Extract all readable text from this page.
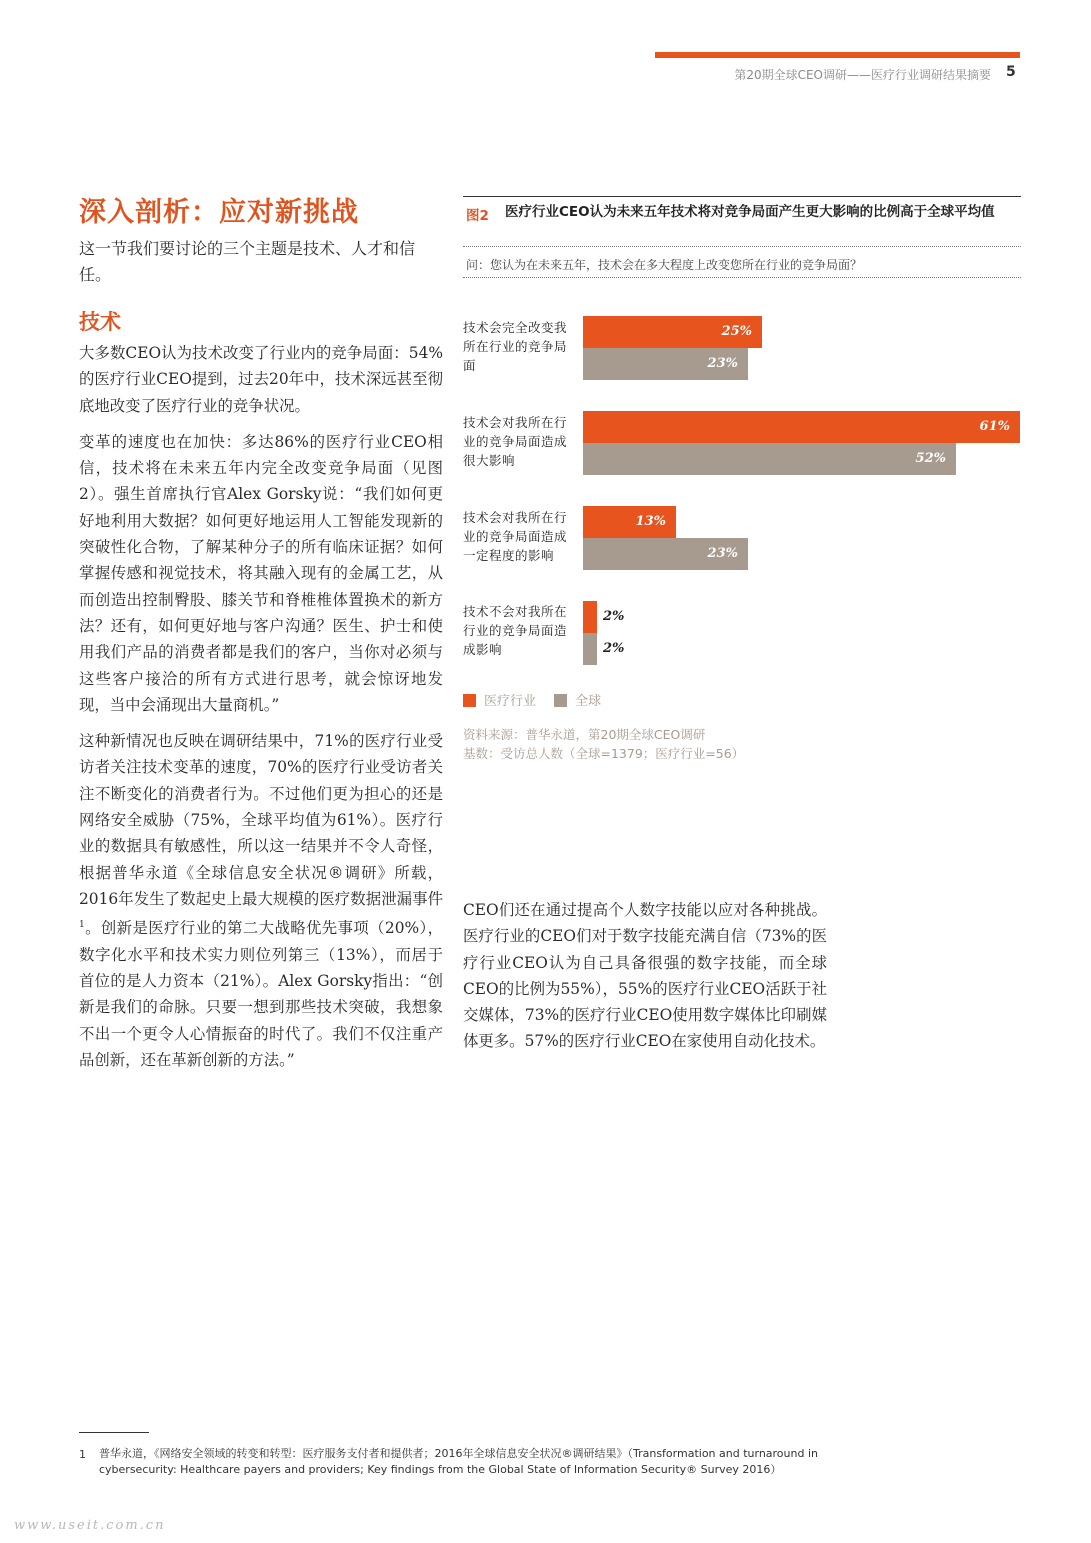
第20期全球CEO调研——医疗行业调研结果摘要 5
深入剖析：应对新挑战
这一节我们要讨论的三个主题是技术、人才和信任。
技术

大多数CEO认为技术改变了行业内的竞争局面：54%的医疗行业CEO提到，过去20年中，技术深远甚至彻底地改变了医疗行业的竞争状况。

变革的速度也在加快：多达86%的医疗行业CEO相信，技术将在未来五年内完全改变竞争局面（见图2）。强生首席执行官Alex Gorsky说：“我们如何更好地利用大数据？如何更好地运用人工智能发现新的突破性化合物，了解某种分子的所有临床证据？如何掌握传感和视觉技术，将其融入现有的金属工艺，从而创造出控制臀股、膝关节和脊椎椎体置换术的新方法？还有，如何更好地与客户沟通？医生、护士和使用我们产品的消费者都是我们的客户，当你对必须与这些客户接洽的所有方式进行思考，就会惊讶地发现，当中会涌现出大量商机。”

这种新情况也反映在调研结果中，71%的医疗行业受访者关注技术变革的速度，70%的医疗行业受访者关注不断变化的消费者行为。不过他们更为担心的还是网络安全威胁（75%，全球平均值为61%）。医疗行业的数据具有敏感性，所以这一结果并不令人奇怪，根据普华永道《全球信息安全状况®调研》所载，2016年发生了数起史上最大规模的医疗数据泄漏事件$^1$。创新是医疗行业的第二大战略优先事项（20%），数字化水平和技术实力则位列第三（13%），而居于首位的是人力资本（21%）。Alex Gorsky指出：“创新是我们的命脉。只要一想到那些技术突破，我想象不出一个更令人心情振奋的时代了。我们不仅注重产品创新，还在革新创新的方法。”

图2 医疗行业CEO认为未来五年技术将对竞争局面产生更大影响的比例高于全球平均值
问：您认为在未来五年，技术会在多大程度上改变您所在行业的竞争局面？
技术会完全改变我所在行业的竞争局面
25%
23%
技术会对我所在行业的竞争局面造成很大影响
61%
52%
技术会对我所在行业的竞争局面造成一定程度的影响
13%
23%
技术不会对我所在行业的竞争局面造成影响
2%
2%
医疗行业	全球
资料来源：普华永道，第20期全球CEO调研
基数：受访总人数（全球=1379；医疗行业=56）

CEO们还在通过提高个人数字技能以应对各种挑战。医疗行业的CEO们对于数字技能充满自信（73%的医疗行业CEO认为自己具备很强的数字技能，而全球CEO的比例为55%），55%的医疗行业CEO活跃于社交媒体，73%的医疗行业CEO使用数字媒体比印刷媒体更多。57%的医疗行业CEO在家使用自动化技术。

1 普华永道，《网络安全领域的转变和转型：医疗服务支付者和提供者；2016年全球信息安全状况®调研结果》（Transformation and turnaround in cybersecurity: Healthcare payers and providers; Key findings from the Global State of Information Security® Survey 2016）
www.useit.com.cn
